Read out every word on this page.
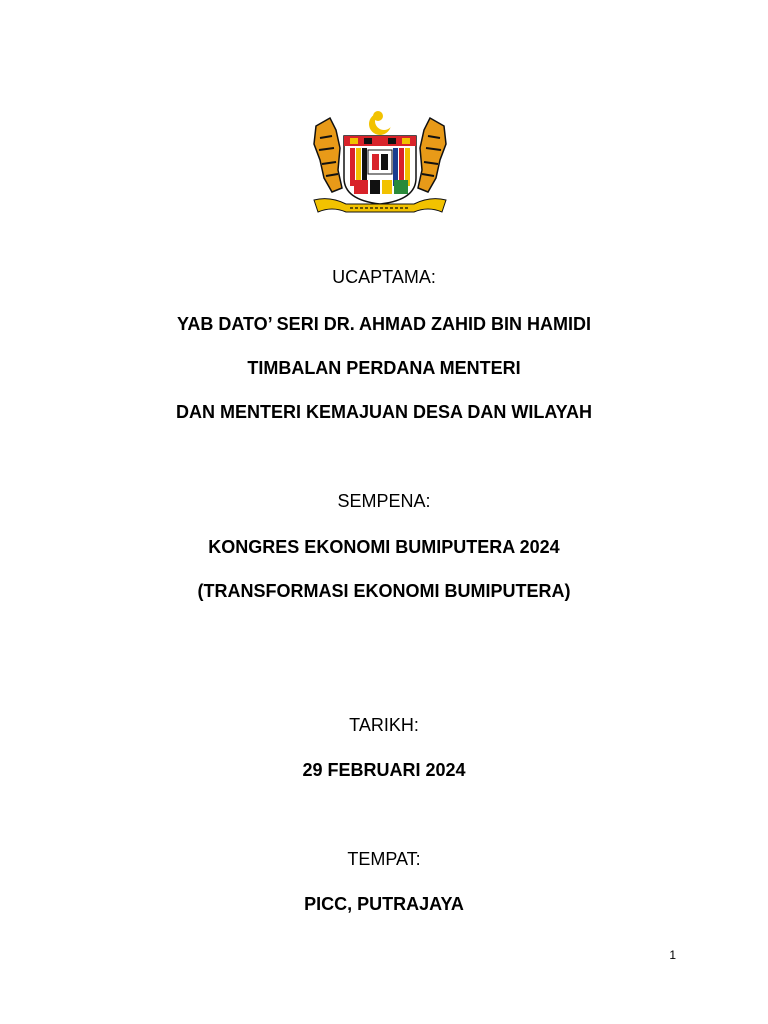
UCAPTAMA:
YAB DATO’ SERI DR. AHMAD ZAHID BIN HAMIDI
TIMBALAN PERDANA MENTERI
DAN MENTERI KEMAJUAN DESA DAN WILAYAH
SEMPENA:
KONGRES EKONOMI BUMIPUTERA 2024
(TRANSFORMASI EKONOMI BUMIPUTERA)
TARIKH:
29 FEBRUARI 2024
TEMPAT:
PICC, PUTRAJAYA
1
